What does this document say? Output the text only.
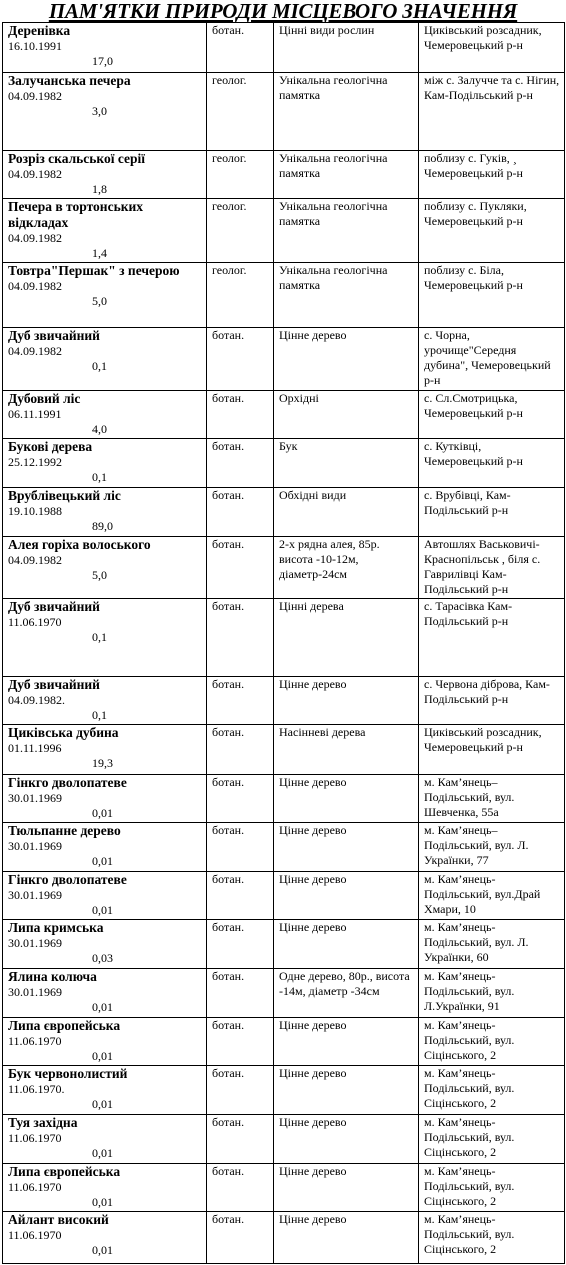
ПАМ'ЯТКИ ПРИРОДИ МІСЦЕВОГО ЗНАЧЕННЯ
Деренівка
16.10.1991
17,0	ботан.	Цінні види рослин	Циківський розсадник, Чемеровецький р-н

Залучанська печера
04.09.1982
3,0	геолог.	Унікальна геологічна памятка	між с. Залучче та с. Нігин, Кам-Подільський р-н

Розріз скальської серії
04.09.1982
1,8	геолог.	Унікальна геологічна памятка	поблизу с. Гуків, ¸ Чемеровецький р-н

Печера в тортонських відкладах
04.09.1982
1,4	геолог.	Унікальна геологічна памятка	поблизу с. Пукляки, Чемеровецький р-н

Товтра"Першак" з печерою
04.09.1982
5,0	геолог.	Унікальна геологічна памятка	поблизу с. Біла, Чемеровецький р-н

Дуб звичайний
04.09.1982
0,1	ботан.	Цінне дерево	с. Чорна, урочище"Середня дубина", Чемеровецький р-н

Дубовий ліс
06.11.1991
4,0	ботан.	Орхідні	с. Сл.Смотрицька, Чемеровецький р-н

Букові дерева
25.12.1992
0,1	ботан.	Бук	с. Кутківці, Чемеровецький р-н

Врублівецький ліс
19.10.1988
89,0	ботан.	Обхідні види	с. Врубівці, Кам-Подільський р-н

Алея горіха волоського
04.09.1982
5,0	ботан.	2-х рядна алея, 85р. висота -10-12м, діаметр-24см	Автошлях Васьковичі-Краснопільськ , біля с. Гаврилівці Кам-Подільський р-н

Дуб звичайний
11.06.1970
0,1	ботан.	Цінні дерева	с. Тарасівка Кам-Подільський р-н

Дуб звичайний
04.09.1982.
0,1	ботан.	Цінне дерево	с. Червона діброва, Кам-Подільський р-н

Циківська дубина
01.11.1996
19,3	ботан.	Насінневі дерева	Циківський розсадник, Чемеровецький р-н

Гінкго дволопатеве
30.01.1969
0,01	ботан.	Цінне дерево	м. Кам’янець– Подільський, вул. Шевченка, 55а

Тюльпанне дерево
30.01.1969
0,01	ботан.	Цінне дерево	м. Кам’янець– Подільський, вул. Л. Українки, 77

Гінкго дволопатеве
30.01.1969
0,01	ботан.	Цінне дерево	м. Кам’янець- Подільський, вул.Драй Хмари, 10

Липа кримська
30.01.1969
0,03	ботан.	Цінне дерево	м. Кам’янець- Подільський, вул. Л. Українки, 60

Ялина колюча
30.01.1969
0,01	ботан.	Одне дерево, 80р., висота -14м, діаметр -34см	м. Кам’янець- Подільський, вул. Л.Українки, 91

Липа європейська
11.06.1970
0,01	ботан.	Цінне дерево	м. Кам’янець- Подільський, вул. Сіцінського, 2

Бук червонолистий
11.06.1970.
0,01	ботан.	Цінне дерево	м. Кам’янець- Подільський, вул. Сіцінського, 2

Туя західна
11.06.1970
0,01	ботан.	Цінне дерево	м. Кам’янець- Подільський, вул. Сіцінського, 2

Липа європейська
11.06.1970
0,01	ботан.	Цінне дерево	м. Кам’янець- Подільський, вул. Сіцінського, 2

Айлант високий
11.06.1970
0,01	ботан.	Цінне дерево	м. Кам’янець- Подільський, вул. Сіцінського, 2
